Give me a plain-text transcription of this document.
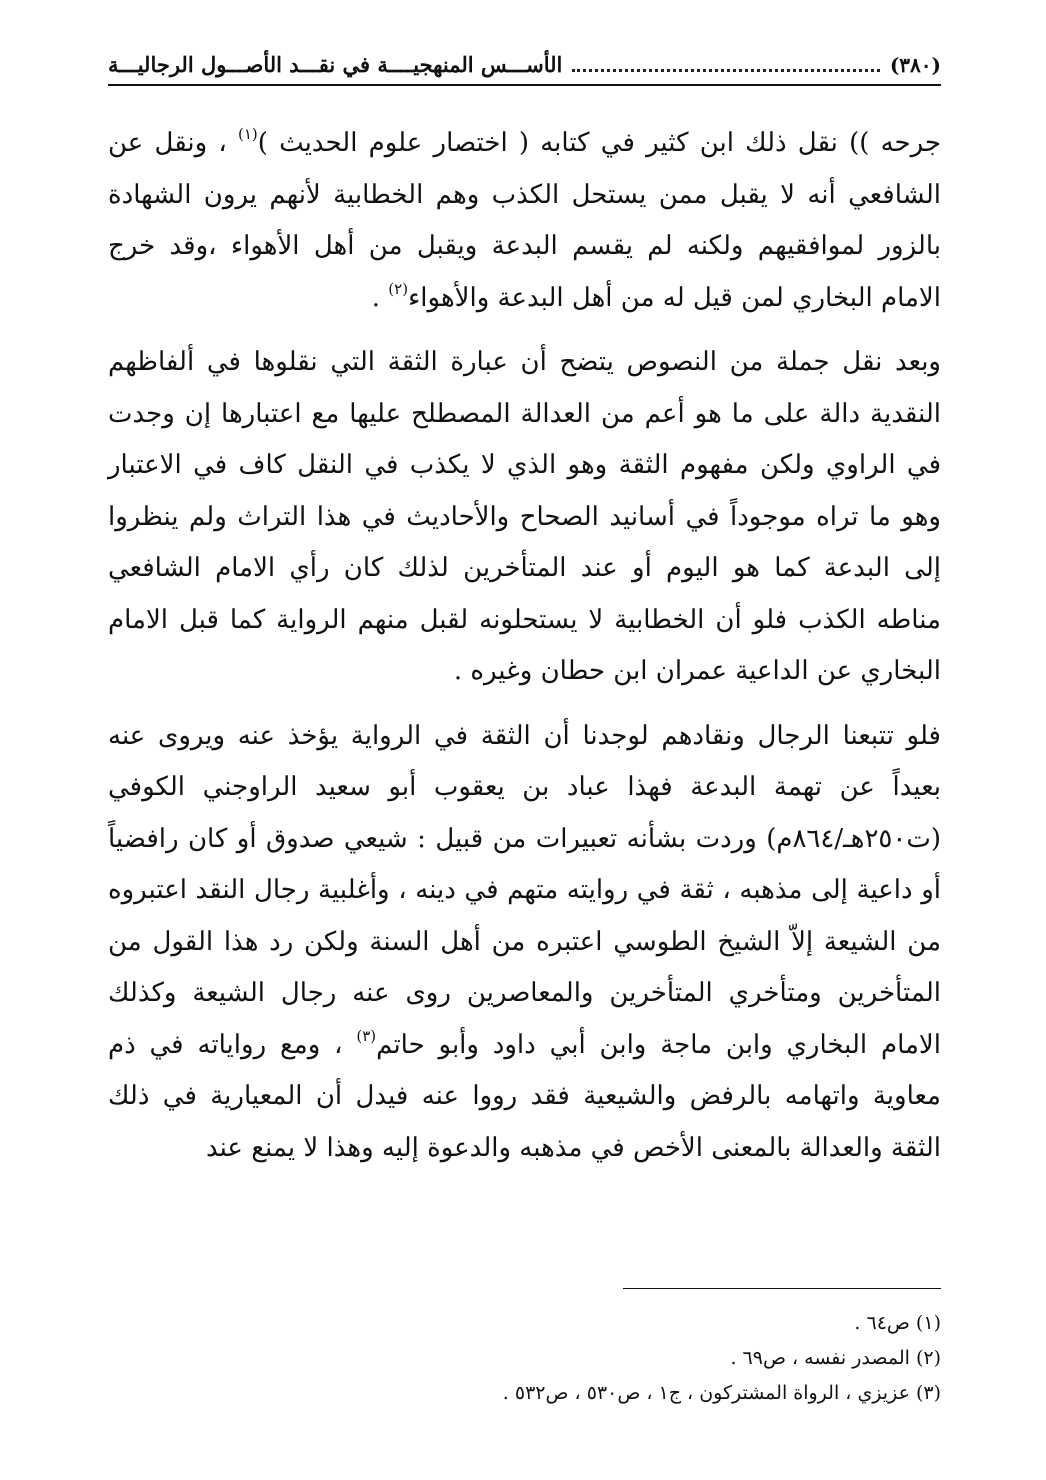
(٣٨٠)
الأســـس المنهجيــــة في نقـــد الأصـــول الرجاليـــة

جرحه )) نقل ذلك ابن كثير في كتابه ( اختصار علوم الحديث )$^{(١)}$ ، ونقل عن الشافعي أنه لا يقبل ممن يستحل الكذب وهم الخطابية لأنهم يرون الشهادة بالزور لموافقيهم ولكنه لم يقسم البدعة ويقبل من أهل الأهواء ،وقد خرج الامام البخاري لمن قيل له من أهل البدعة والأهواء$^{(٢)}$ .

وبعد نقل جملة من النصوص يتضح أن عبارة الثقة التي نقلوها في ألفاظهم النقدية دالة على ما هو أعم من العدالة المصطلح عليها مع اعتبارها إن وجدت في الراوي ولكن مفهوم الثقة وهو الذي لا يكذب في النقل كاف في الاعتبار وهو ما تراه موجوداً في أسانيد الصحاح والأحاديث في هذا التراث ولم ينظروا إلى البدعة كما هو اليوم أو عند المتأخرين لذلك كان رأي الامام الشافعي مناطه الكذب فلو أن الخطابية لا يستحلونه لقبل منهم الرواية كما قبل الامام البخاري عن الداعية عمران ابن حطان وغيره .

فلو تتبعنا الرجال ونقادهم لوجدنا أن الثقة في الرواية يؤخذ عنه ويروى عنه بعيداً عن تهمة البدعة فهذا عباد بن يعقوب أبو سعيد الراوجني الكوفي (ت٢٥٠هـ/٨٦٤م) وردت بشأنه تعبيرات من قبيل : شيعي صدوق أو كان رافضياً أو داعية إلى مذهبه ، ثقة في روايته متهم في دينه ، وأغلبية رجال النقد اعتبروه من الشيعة إلاّ الشيخ الطوسي اعتبره من أهل السنة ولكن رد هذا القول من المتأخرين ومتأخري المتأخرين والمعاصرين روى عنه رجال الشيعة وكذلك الامام البخاري وابن ماجة وابن أبي داود وأبو حاتم$^{(٣)}$ ، ومع رواياته في ذم معاوية واتهامه بالرفض والشيعية فقد رووا عنه فيدل أن المعيارية في ذلك الثقة والعدالة بالمعنى الأخص في مذهبه والدعوة إليه وهذا لا يمنع عند

(١) ص٦٤ .
(٢) المصدر نفسه ، ص٦٩ .
(٣) عزيزي ، الرواة المشتركون ، ج١ ، ص٥٣٠ ، ص٥٣٢ .
